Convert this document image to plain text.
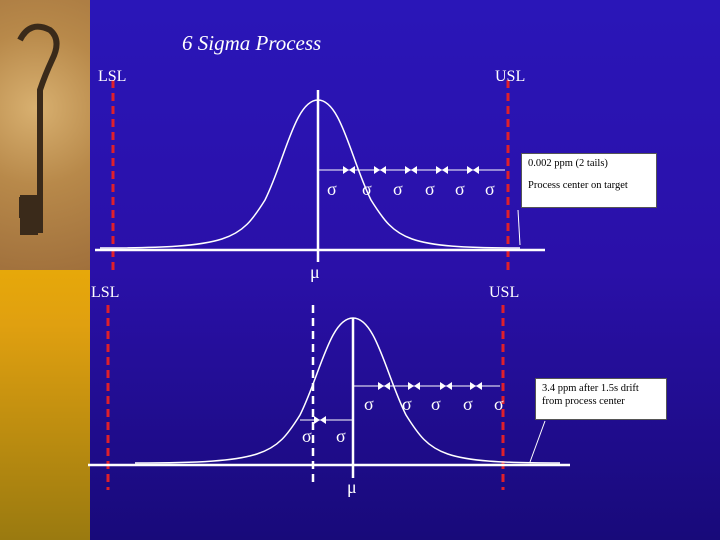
6 Sigma Process
LSL	USL
μ
σ σ σ σ σ σ
0.002 ppm (2 tails)
Process center on target
LSL	USL
μ
σ σ σ σ σ
σ σ
3.4 ppm after 1.5s drift
from process center
